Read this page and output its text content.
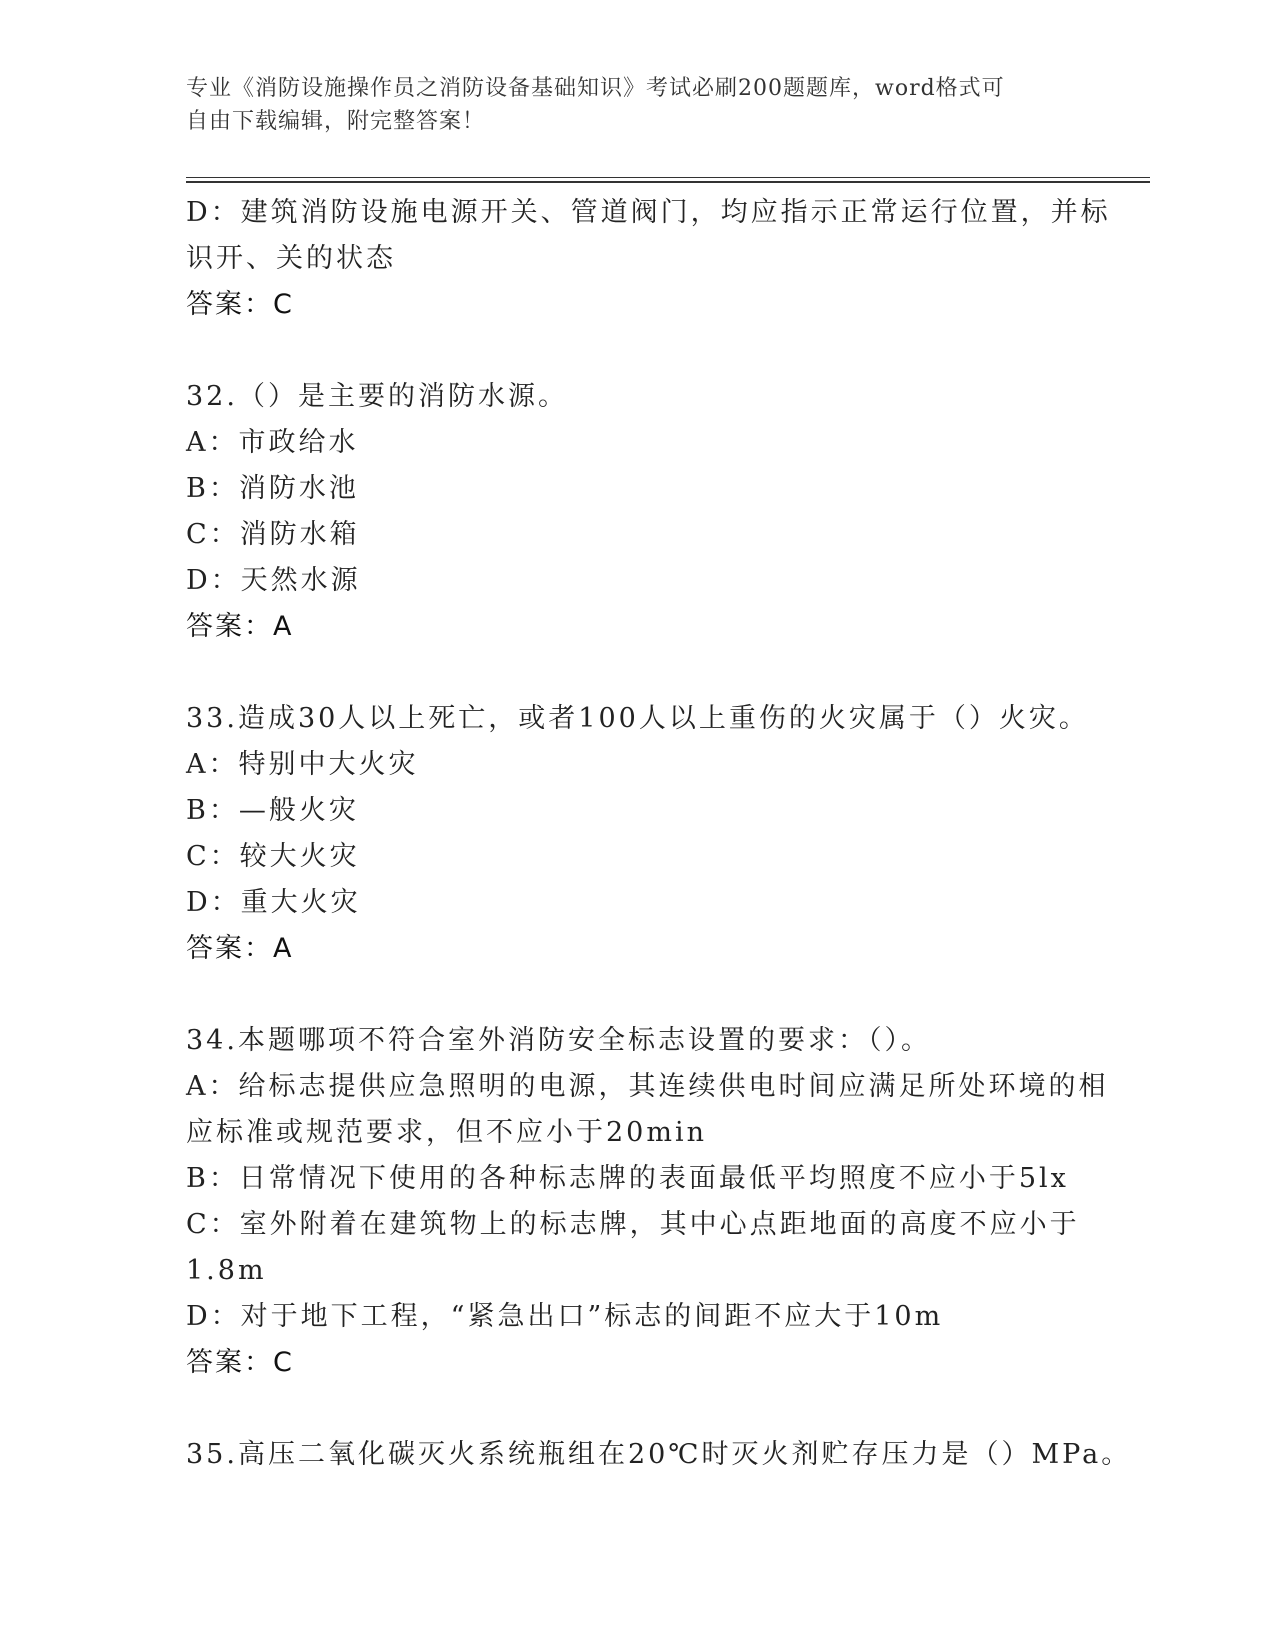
专业《消防设施操作员之消防设备基础知识》考试必刷200题题库，word格式可
自由下载编辑，附完整答案！
D：建筑消防设施电源开关、管道阀门，均应指示正常运行位置，并标
识开、关的状态
答案：C
32.（）是主要的消防水源。
A：市政给水
B：消防水池
C：消防水箱
D：天然水源
答案：A
33.造成30人以上死亡，或者100人以上重伤的火灾属于（）火灾。
A：特别中大火灾
B：—般火灾
C：较大火灾
D：重大火灾
答案：A
34.本题哪项不符合室外消防安全标志设置的要求：（）。
A：给标志提供应急照明的电源，其连续供电时间应满足所处环境的相
应标准或规范要求，但不应小于20min
B：日常情况下使用的各种标志牌的表面最低平均照度不应小于5lx
C：室外附着在建筑物上的标志牌，其中心点距地面的高度不应小于
1.8m
D：对于地下工程，“紧急出口”标志的间距不应大于10m
答案：C
35.高压二氧化碳灭火系统瓶组在20℃时灭火剂贮存压力是（）MPa。
